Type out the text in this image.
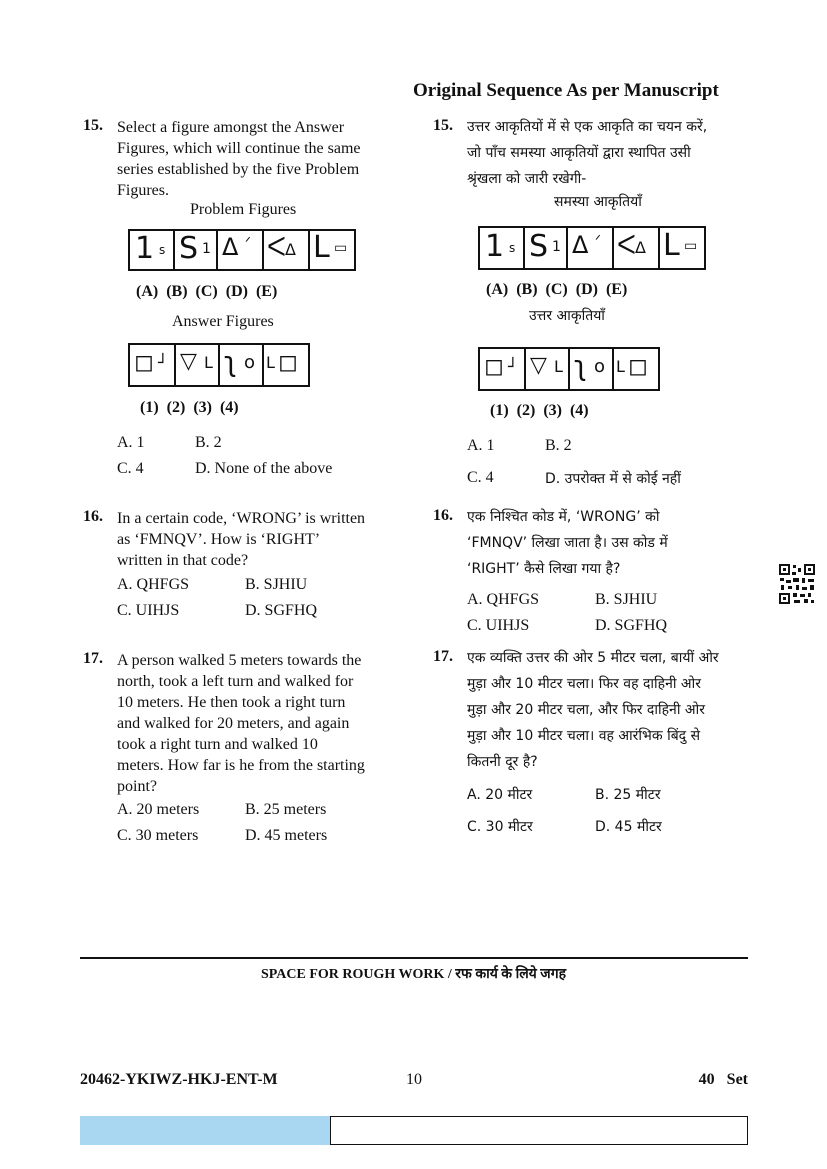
Original Sequence As per Manuscript
15. Select a figure amongst the Answer
Figures, which will continue the same
series established by the five Problem
Figures.
Problem Figures
1 s S 1 Δ ᐟ ᐸ Δ L ▭
(A) (B) (C) (D) (E)
Answer Figures
◻ ┘ ▽ L ʅ o L ◻
(1) (2) (3) (4)
A. 1	B. 2
C. 4	D. None of the above
16. In a certain code, ‘WRONG’ is written
as ‘FMNQV’. How is ‘RIGHT’
written in that code?
A. QHFGS	B. SJHIU
C. UIHJS	D. SGFHQ
17. A person walked 5 meters towards the
north, took a left turn and walked for
10 meters. He then took a right turn
and walked for 20 meters, and again
took a right turn and walked 10
meters. How far is he from the starting
point?
A. 20 meters	B. 25 meters
C. 30 meters	D. 45 meters
15. उत्तर आकृतियों में से एक आकृति का चयन करें,
जो पाँच समस्या आकृतियों द्वारा स्थापित उसी
श्रृंखला को जारी रखेगी-
समस्या आकृतियाँ
1 s S 1 Δ ᐟ ᐸ Δ L ▭
(A) (B) (C) (D) (E)
उत्तर आकृतियाँ
◻ ┘ ▽ L ʅ o L ◻
(1) (2) (3) (4)
A. 1	B. 2
C. 4	D. उपरोक्त में से कोई नहीं
16. एक निश्चित कोड में, ‘WRONG’ को
‘FMNQV’ लिखा जाता है। उस कोड में
‘RIGHT’ कैसे लिखा गया है?
A. QHFGS	B. SJHIU
C. UIHJS	D. SGFHQ
17. एक व्यक्ति उत्तर की ओर 5 मीटर चला, बायीं ओर
मुड़ा और 10 मीटर चला। फिर वह दाहिनी ओर
मुड़ा और 20 मीटर चला, और फिर दाहिनी ओर
मुड़ा और 10 मीटर चला। वह आरंभिक बिंदु से
कितनी दूर है?
A. 20 मीटर	B. 25 मीटर
C. 30 मीटर	D. 45 मीटर
SPACE FOR ROUGH WORK / रफ कार्य के लिये जगह
20462-YKIWZ-HKJ-ENT-M	10	40   Set
